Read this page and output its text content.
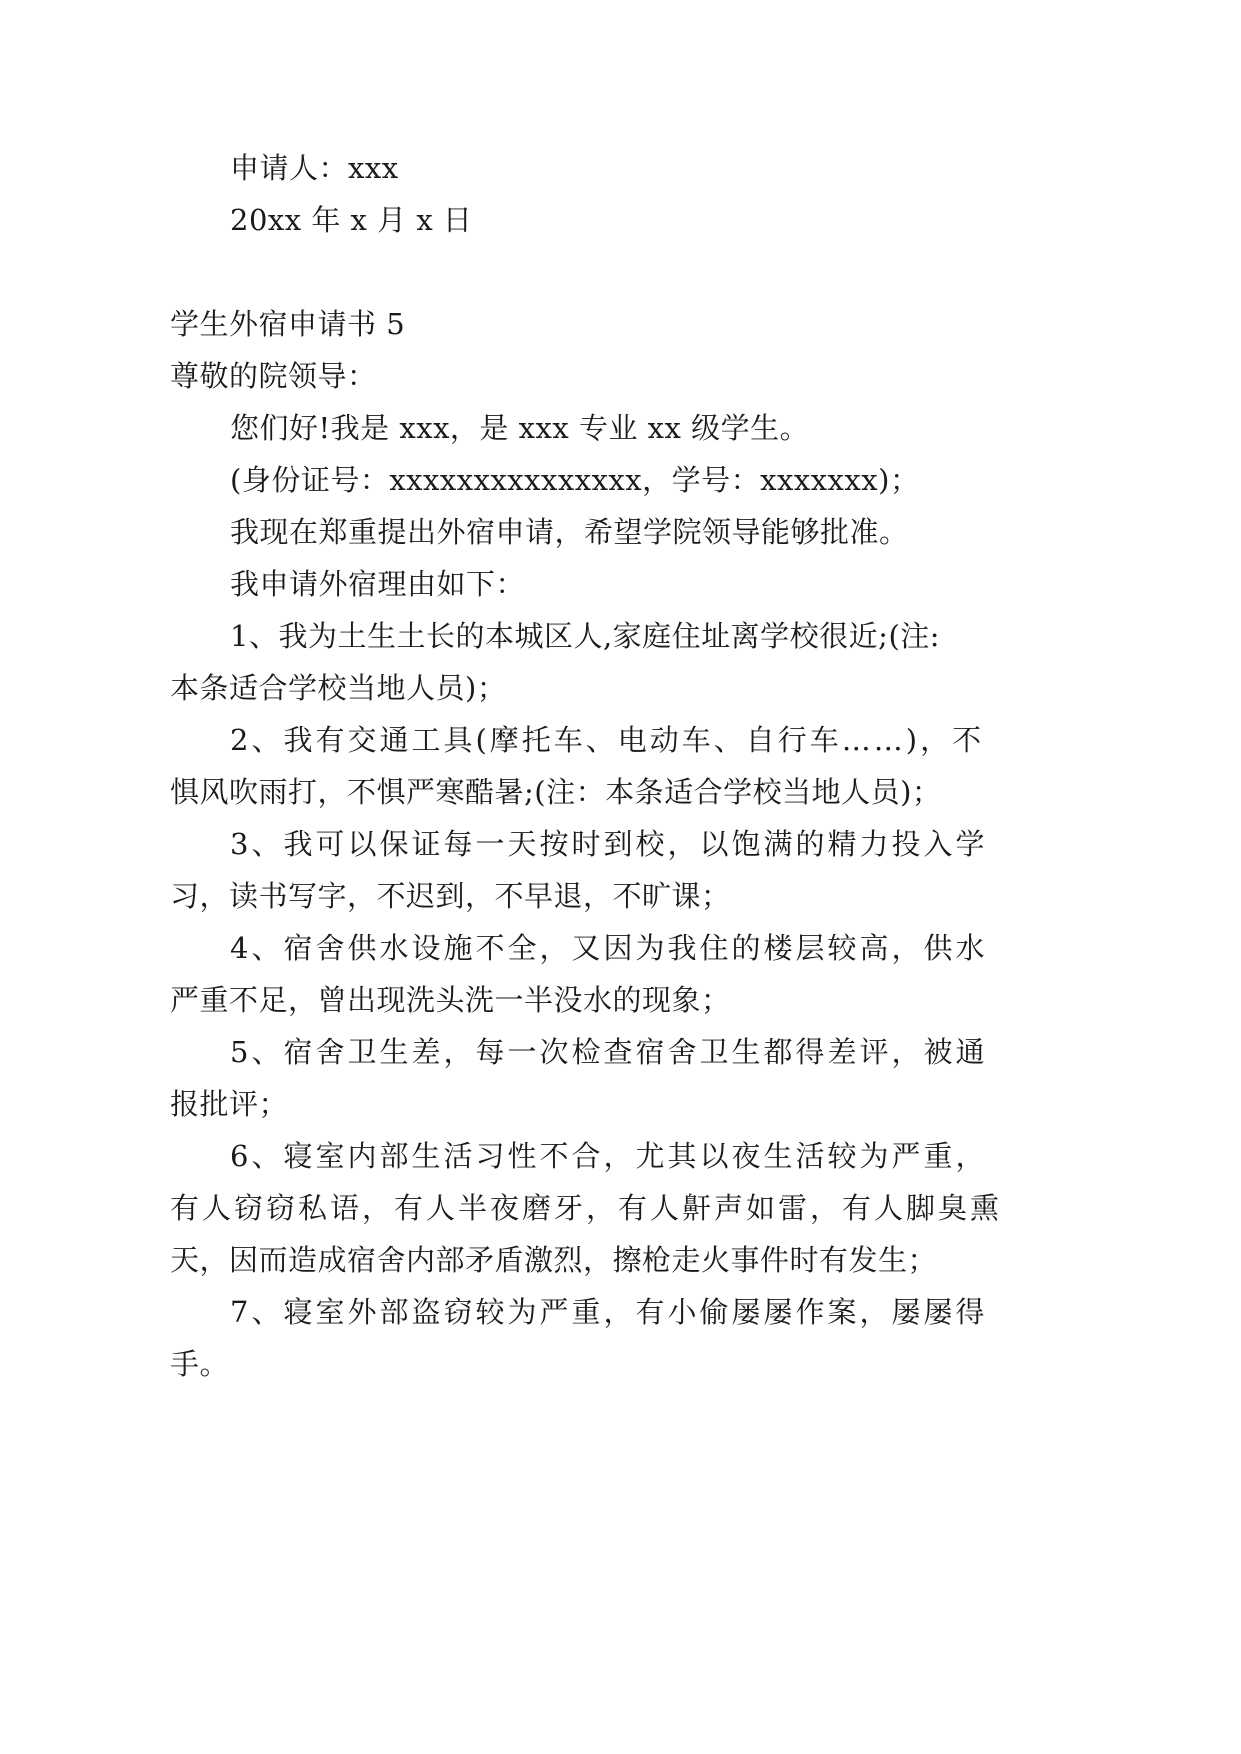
申请人：xxx
20xx 年 x 月 x 日
学生外宿申请书 5
尊敬的院领导：
您们好!我是 xxx，是 xxx 专业 xx 级学生。
(身份证号：xxxxxxxxxxxxxxx，学号：xxxxxxx)；
我现在郑重提出外宿申请，希望学院领导能够批准。
我申请外宿理由如下：
1、我为土生土长的本城区人,家庭住址离学校很近;(注:
本条适合学校当地人员)；
2、我有交通工具(摩托车、电动车、自行车……)，不
惧风吹雨打，不惧严寒酷暑;(注：本条适合学校当地人员)；
3、我可以保证每一天按时到校，以饱满的精力投入学
习，读书写字，不迟到，不早退，不旷课；
4、宿舍供水设施不全，又因为我住的楼层较高，供水
严重不足，曾出现洗头洗一半没水的现象；
5、宿舍卫生差，每一次检查宿舍卫生都得差评，被通
报批评；
6、寝室内部生活习性不合，尤其以夜生活较为严重，
有人窃窃私语，有人半夜磨牙，有人鼾声如雷，有人脚臭熏
天，因而造成宿舍内部矛盾激烈，擦枪走火事件时有发生；
7、寝室外部盗窃较为严重，有小偷屡屡作案，屡屡得
手。
